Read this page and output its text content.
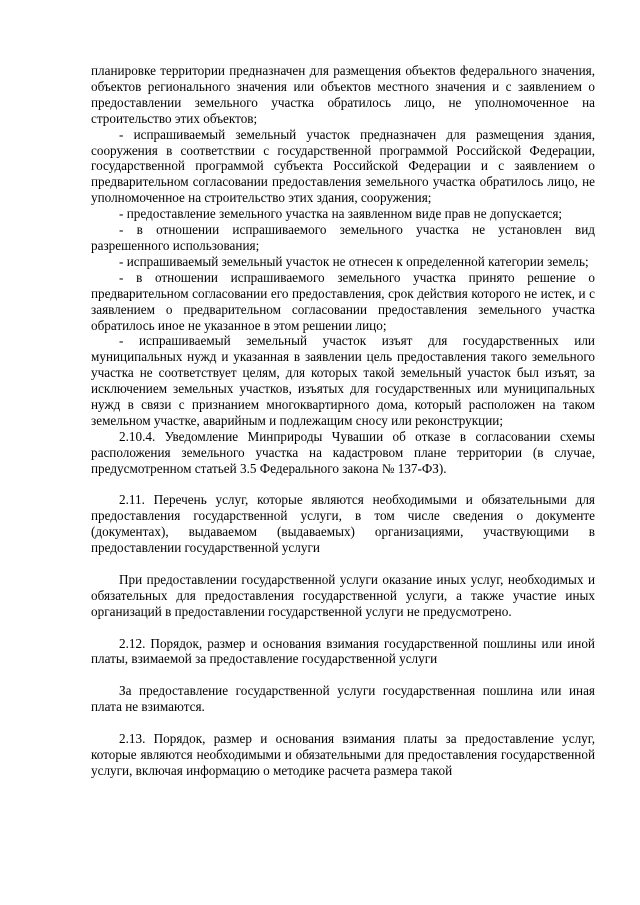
планировке территории предназначен для размещения объектов федерального значения, объектов регионального значения или объектов местного значения и с заявлением о предоставлении земельного участка обратилось лицо, не уполномоченное на строительство этих объектов;

- испрашиваемый земельный участок предназначен для размещения здания, сооружения в соответствии с государственной программой Российской Федерации, государственной программой субъекта Российской Федерации и с заявлением о предварительном согласовании предоставления земельного участка обратилось лицо, не уполномоченное на строительство этих здания, сооружения;

- предоставление земельного участка на заявленном виде прав не допускается;

- в отношении испрашиваемого земельного участка не установлен вид разрешенного использования;

- испрашиваемый земельный участок не отнесен к определенной категории земель;

- в отношении испрашиваемого земельного участка принято решение о предварительном согласовании его предоставления, срок действия которого не истек, и с заявлением о предварительном согласовании предоставления земельного участка обратилось иное не указанное в этом решении лицо;

- испрашиваемый земельный участок изъят для государственных или муниципальных нужд и указанная в заявлении цель предоставления такого земельного участка не соответствует целям, для которых такой земельный участок был изъят, за исключением земельных участков, изъятых для государственных или муниципальных нужд в связи с признанием многоквартирного дома, который расположен на таком земельном участке, аварийным и подлежащим сносу или реконструкции;

2.10.4. Уведомление Минприроды Чувашии об отказе в согласовании схемы расположения земельного участка на кадастровом плане территории (в случае, предусмотренном статьей 3.5 Федерального закона № 137-ФЗ).

2.11. Перечень услуг, которые являются необходимыми и обязательными для предоставления государственной услуги, в том числе сведения о документе (документах), выдаваемом (выдаваемых) организациями, участвующими в предоставлении государственной услуги

При предоставлении государственной услуги оказание иных услуг, необходимых и обязательных для предоставления государственной услуги, а также участие иных организаций в предоставлении государственной услуги не предусмотрено.

2.12. Порядок, размер и основания взимания государственной пошлины или иной платы, взимаемой за предоставление государственной услуги

За предоставление государственной услуги государственная пошлина или иная плата не взимаются.

2.13. Порядок, размер и основания взимания платы за предоставление услуг, которые являются необходимыми и обязательными для предоставления государственной услуги, включая информацию о методике расчета размера такой
